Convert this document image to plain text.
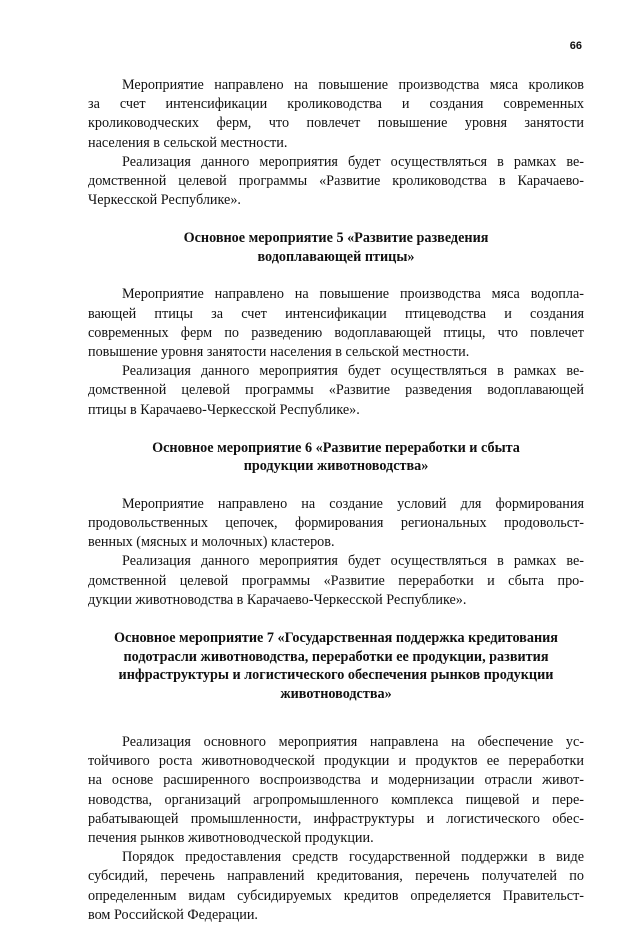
66

Мероприятие направлено на повышение производства мяса кроликов
за счет интенсификации кролиководства и создания современных
кролиководческих ферм, что повлечет повышение уровня занятости
населения в сельской местности.

Реализация данного мероприятия будет осуществляться в рамках ве-
домственной целевой программы «Развитие кролиководства в Карачаево-
Черкесской Республике».

Основное мероприятие 5 «Развитие разведения
водоплавающей птицы»

Мероприятие направлено на повышение производства мяса водопла-
вающей птицы за счет интенсификации птицеводства и создания
современных ферм по разведению водоплавающей птицы, что повлечет
повышение уровня занятости населения в сельской местности.

Реализация данного мероприятия будет осуществляться в рамках ве-
домственной целевой программы «Развитие разведения водоплавающей
птицы в Карачаево-Черкесской Республике».

Основное мероприятие 6 «Развитие переработки и сбыта
продукции животноводства»

Мероприятие направлено на создание условий для формирования
продовольственных цепочек, формирования региональных продовольст-
венных (мясных и молочных) кластеров.

Реализация данного мероприятия будет осуществляться в рамках ве-
домственной целевой программы «Развитие переработки и сбыта про-
дукции животноводства в Карачаево-Черкесской Республике».

Основное мероприятие 7 «Государственная поддержка кредитования
подотрасли животноводства, переработки ее продукции, развития
инфраструктуры и логистического обеспечения рынков продукции
животноводства»

Реализация основного мероприятия направлена на обеспечение ус-
тойчивого роста животноводческой продукции и продуктов ее переработки
на основе расширенного воспроизводства и модернизации отрасли живот-
новодства, организаций агропромышленного комплекса пищевой и пере-
рабатывающей промышленности, инфраструктуры и логистического обес-
печения рынков животноводческой продукции.

Порядок предоставления средств государственной поддержки в виде
субсидий, перечень направлений кредитования, перечень получателей по
определенным видам субсидируемых кредитов определяется Правительст-
вом Российской Федерации.
